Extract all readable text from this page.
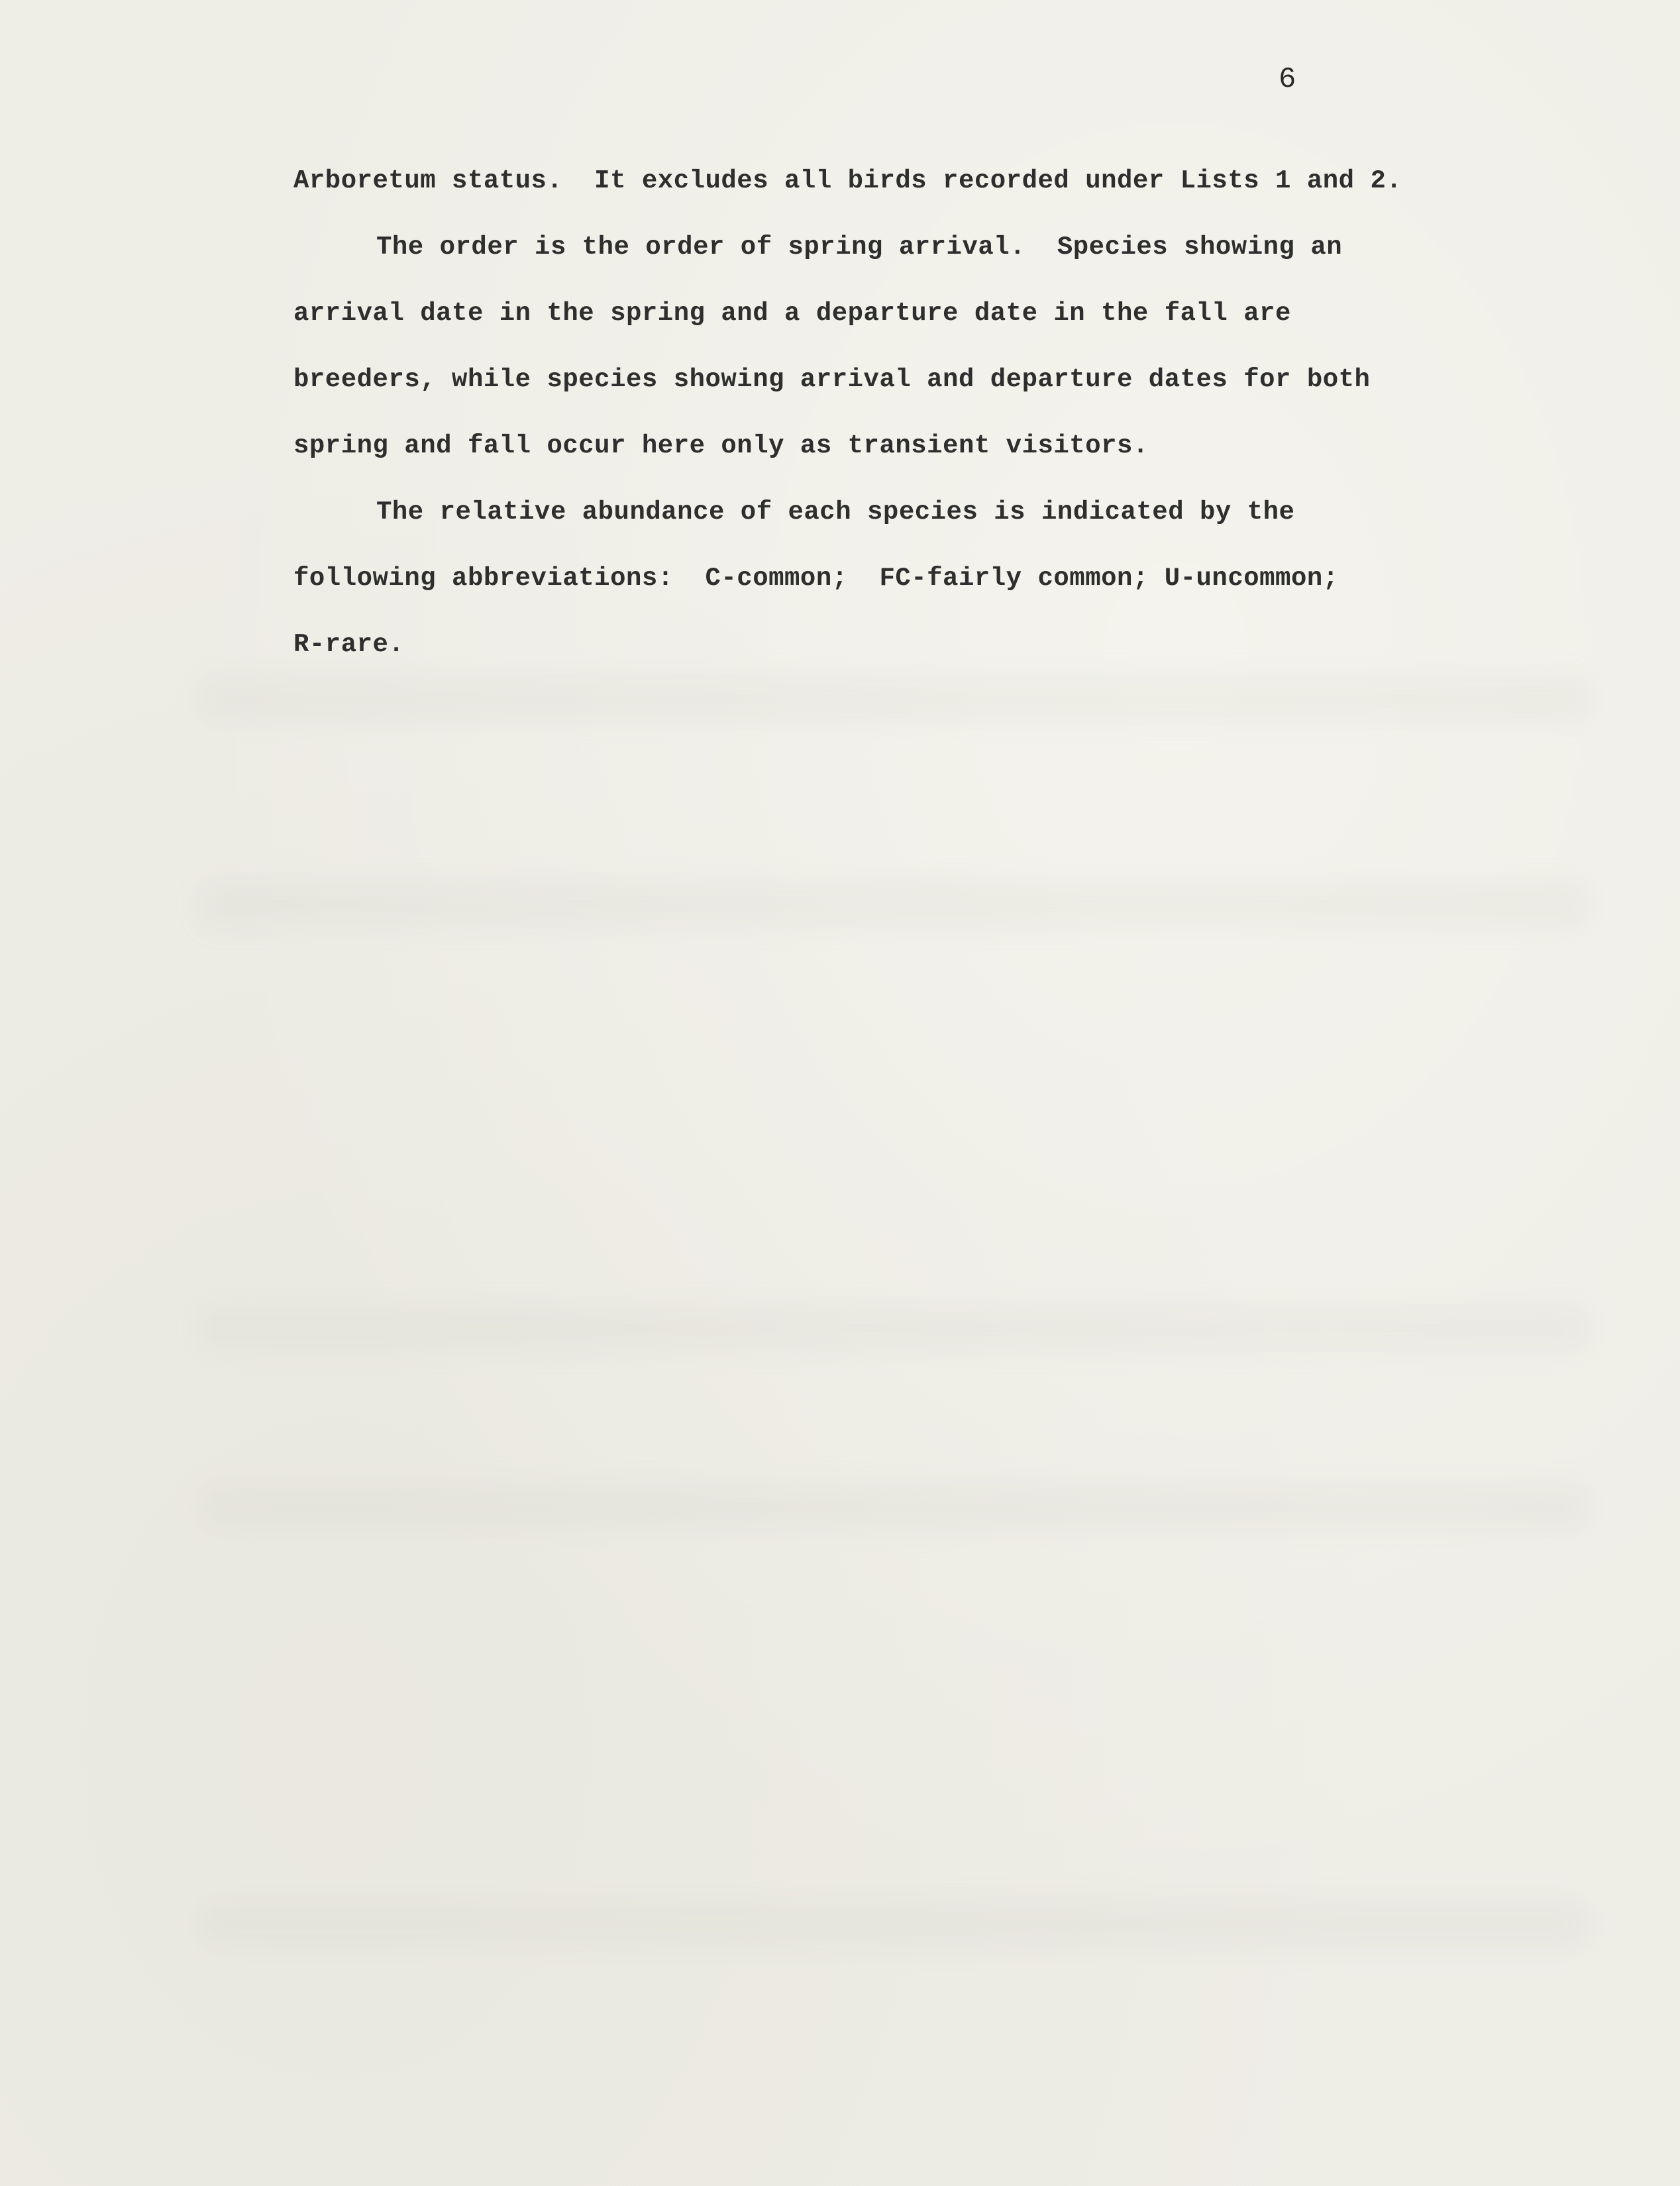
6

Arboretum status.  It excludes all birds recorded under Lists 1 and 2.

The order is the order of spring arrival.  Species showing an

arrival date in the spring and a departure date in the fall are

breeders, while species showing arrival and departure dates for both

spring and fall occur here only as transient visitors.

The relative abundance of each species is indicated by the

following abbreviations:  C-common;  FC-fairly common; U-uncommon;

R-rare.
